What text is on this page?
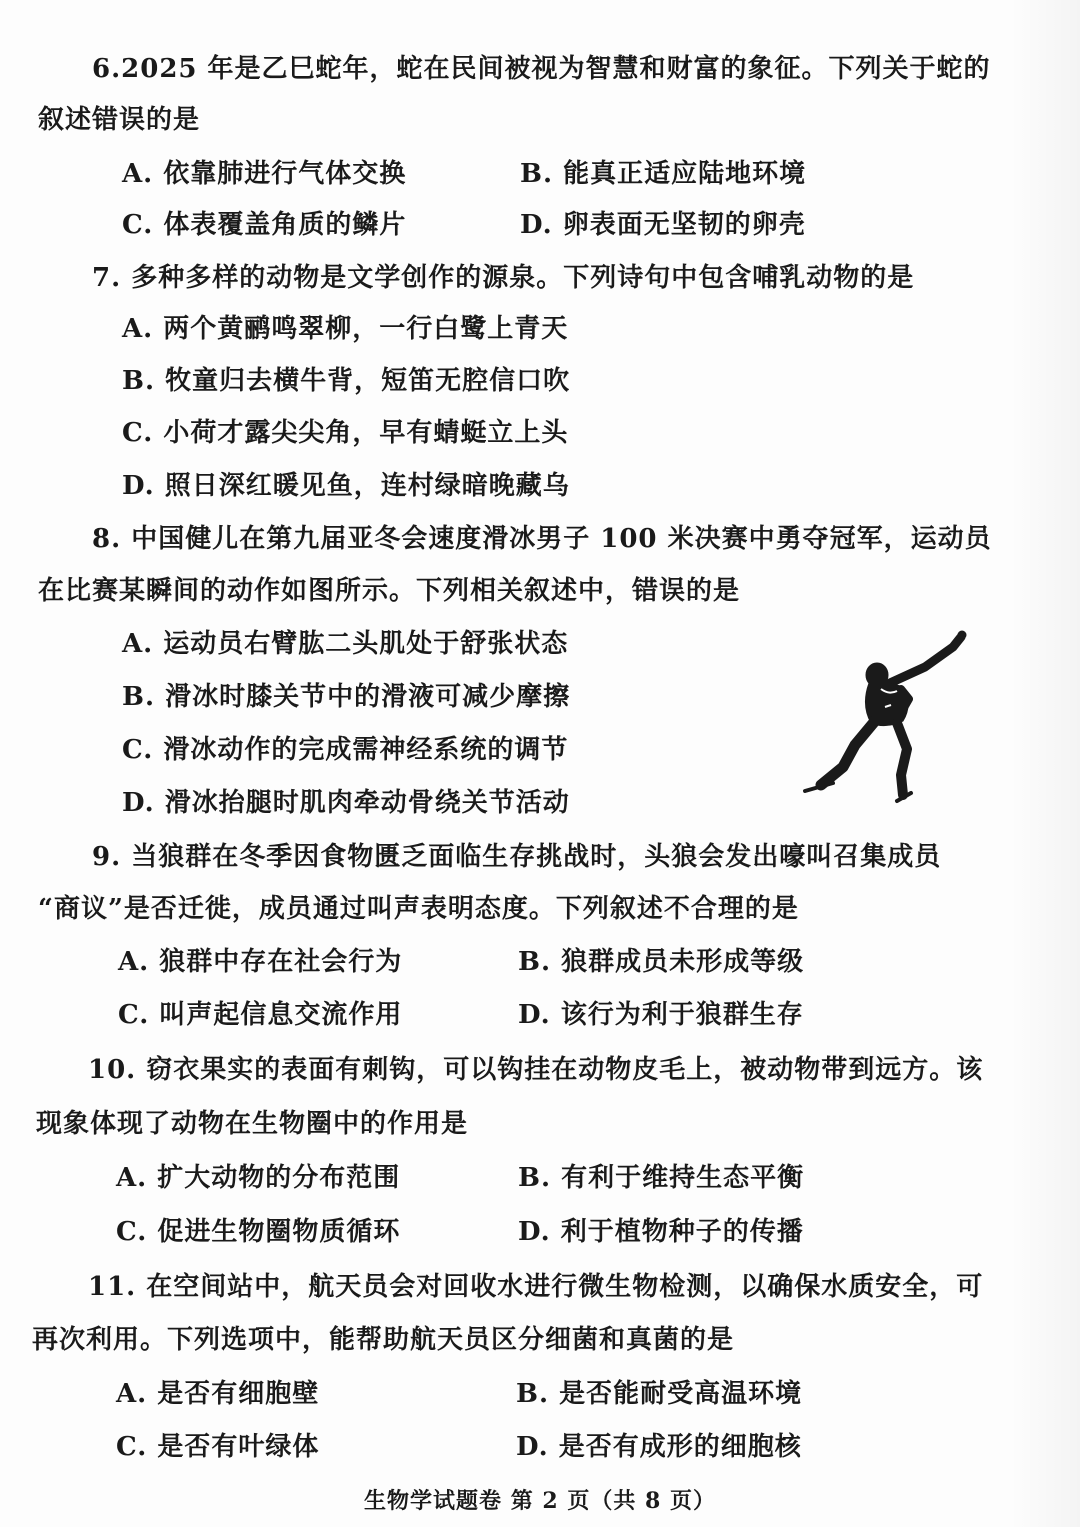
6.2025 年是乙巳蛇年，蛇在民间被视为智慧和财富的象征。下列关于蛇的
叙述错误的是
A. 依靠肺进行气体交换	B. 能真正适应陆地环境
C. 体表覆盖角质的鳞片	D. 卵表面无坚韧的卵壳
7. 多种多样的动物是文学创作的源泉。下列诗句中包含哺乳动物的是
A. 两个黄鹂鸣翠柳，一行白鹭上青天
B. 牧童归去横牛背，短笛无腔信口吹
C. 小荷才露尖尖角，早有蜻蜓立上头
D. 照日深红暖见鱼，连村绿暗晚藏乌
8. 中国健儿在第九届亚冬会速度滑冰男子 100 米决赛中勇夺冠军，运动员
在比赛某瞬间的动作如图所示。下列相关叙述中，错误的是
A. 运动员右臂肱二头肌处于舒张状态
B. 滑冰时膝关节中的滑液可减少摩擦
C. 滑冰动作的完成需神经系统的调节
D. 滑冰抬腿时肌肉牵动骨绕关节活动
9. 当狼群在冬季因食物匮乏面临生存挑战时，头狼会发出嚎叫召集成员
“商议”是否迁徙，成员通过叫声表明态度。下列叙述不合理的是
A. 狼群中存在社会行为	B. 狼群成员未形成等级
C. 叫声起信息交流作用	D. 该行为利于狼群生存
10. 窃衣果实的表面有刺钩，可以钩挂在动物皮毛上，被动物带到远方。该
现象体现了动物在生物圈中的作用是
A. 扩大动物的分布范围	B. 有利于维持生态平衡
C. 促进生物圈物质循环	D. 利于植物种子的传播
11. 在空间站中，航天员会对回收水进行微生物检测，以确保水质安全，可
再次利用。下列选项中，能帮助航天员区分细菌和真菌的是
A. 是否有细胞壁	B. 是否能耐受高温环境
C. 是否有叶绿体	D. 是否有成形的细胞核
生物学试题卷 第 2 页（共 8 页）
